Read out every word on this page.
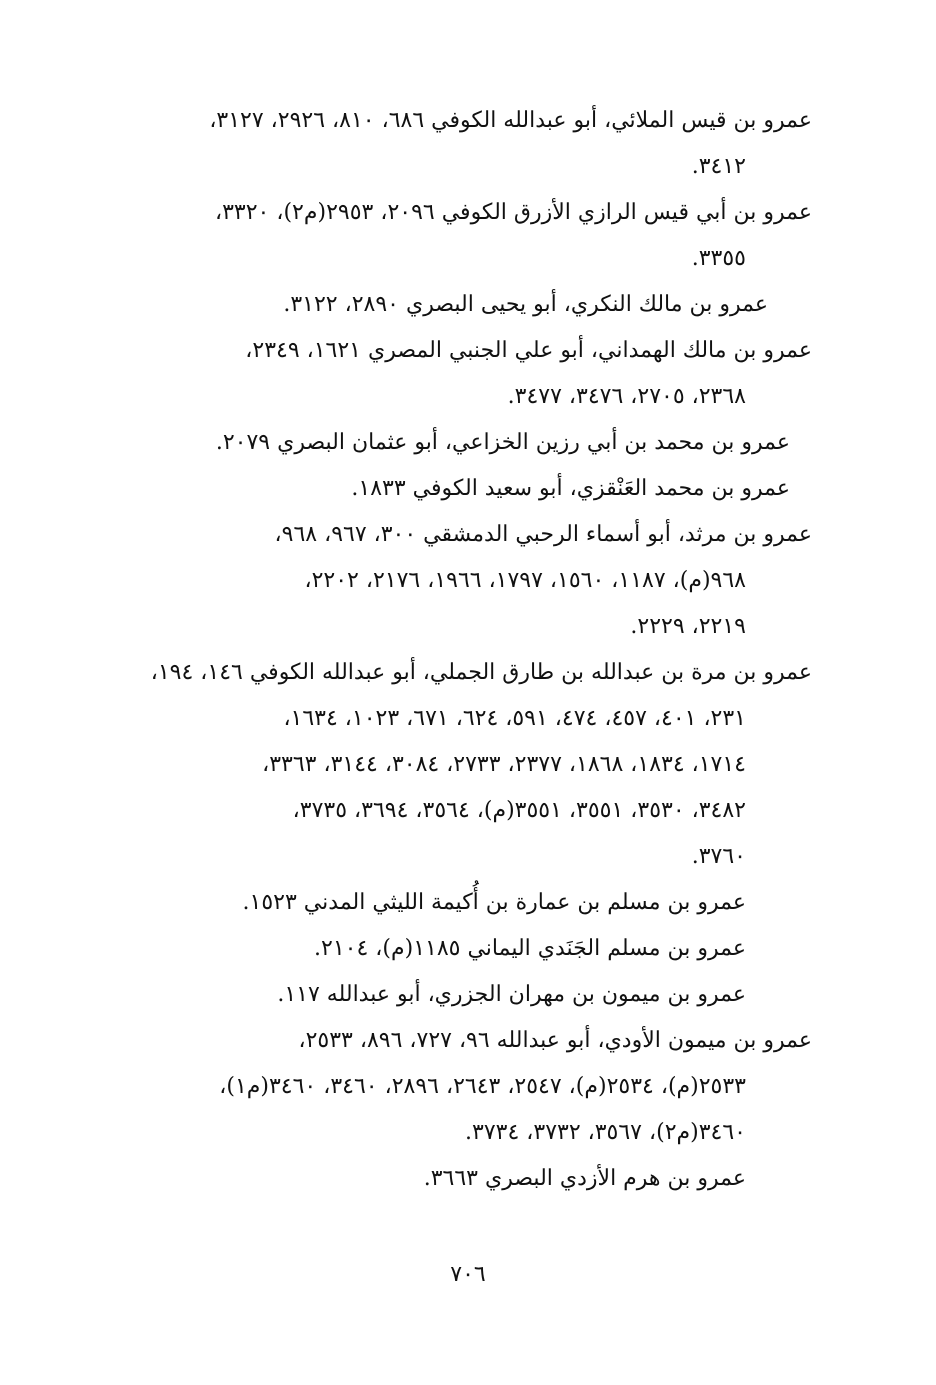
عمرو بن قيس الملائي، أبو عبدالله الكوفي ٦٨٦، ٨١٠، ٢٩٢٦، ٣١٢٧،
٣٤١٢.
عمرو بن أبي قيس الرازي الأزرق الكوفي ٢٠٩٦، ٢٩٥٣(م٢)، ٣٣٢٠،
٣٣٥٥.
عمرو بن مالك النكري، أبو يحيى البصري ٢٨٩٠، ٣١٢٢.
عمرو بن مالك الهمداني، أبو علي الجنبي المصري ١٦٢١، ٢٣٤٩،
٢٣٦٨، ٢٧٠٥، ٣٤٧٦، ٣٤٧٧.
عمرو بن محمد بن أبي رزين الخزاعي، أبو عثمان البصري ٢٠٧٩.
عمرو بن محمد العَنْقزي، أبو سعيد الكوفي ١٨٣٣.
عمرو بن مرثد، أبو أسماء الرحبي الدمشقي ٣٠٠، ٩٦٧، ٩٦٨،
٩٦٨(م)، ١١٨٧، ١٥٦٠، ١٧٩٧، ١٩٦٦، ٢١٧٦، ٢٢٠٢،
٢٢١٩، ٢٢٢٩.
عمرو بن مرة بن عبدالله بن طارق الجملي، أبو عبدالله الكوفي ١٤٦، ١٩٤،
٢٣١، ٤٠١، ٤٥٧، ٤٧٤، ٥٩١، ٦٢٤، ٦٧١، ١٠٢٣، ١٦٣٤،
١٧١٤، ١٨٣٤، ١٨٦٨، ٢٣٧٧، ٢٧٣٣، ٣٠٨٤، ٣١٤٤، ٣٣٦٣،
٣٤٨٢، ٣٥٣٠، ٣٥٥١، ٣٥٥١(م)، ٣٥٦٤، ٣٦٩٤، ٣٧٣٥،
٣٧٦٠.
عمرو بن مسلم بن عمارة بن أُكيمة الليثي المدني ١٥٢٣.
عمرو بن مسلم الجَنَدي اليماني ١١٨٥(م)، ٢١٠٤.
عمرو بن ميمون بن مهران الجزري، أبو عبدالله ١١٧.
عمرو بن ميمون الأودي، أبو عبدالله ٩٦، ٧٢٧، ٨٩٦، ٢٥٣٣،
٢٥٣٣(م)، ٢٥٣٤(م)، ٢٥٤٧، ٢٦٤٣، ٢٨٩٦، ٣٤٦٠، ٣٤٦٠(م١)،
٣٤٦٠(م٢)، ٣٥٦٧، ٣٧٣٢، ٣٧٣٤.
عمرو بن هرم الأزدي البصري ٣٦٦٣.
٧٠٦
